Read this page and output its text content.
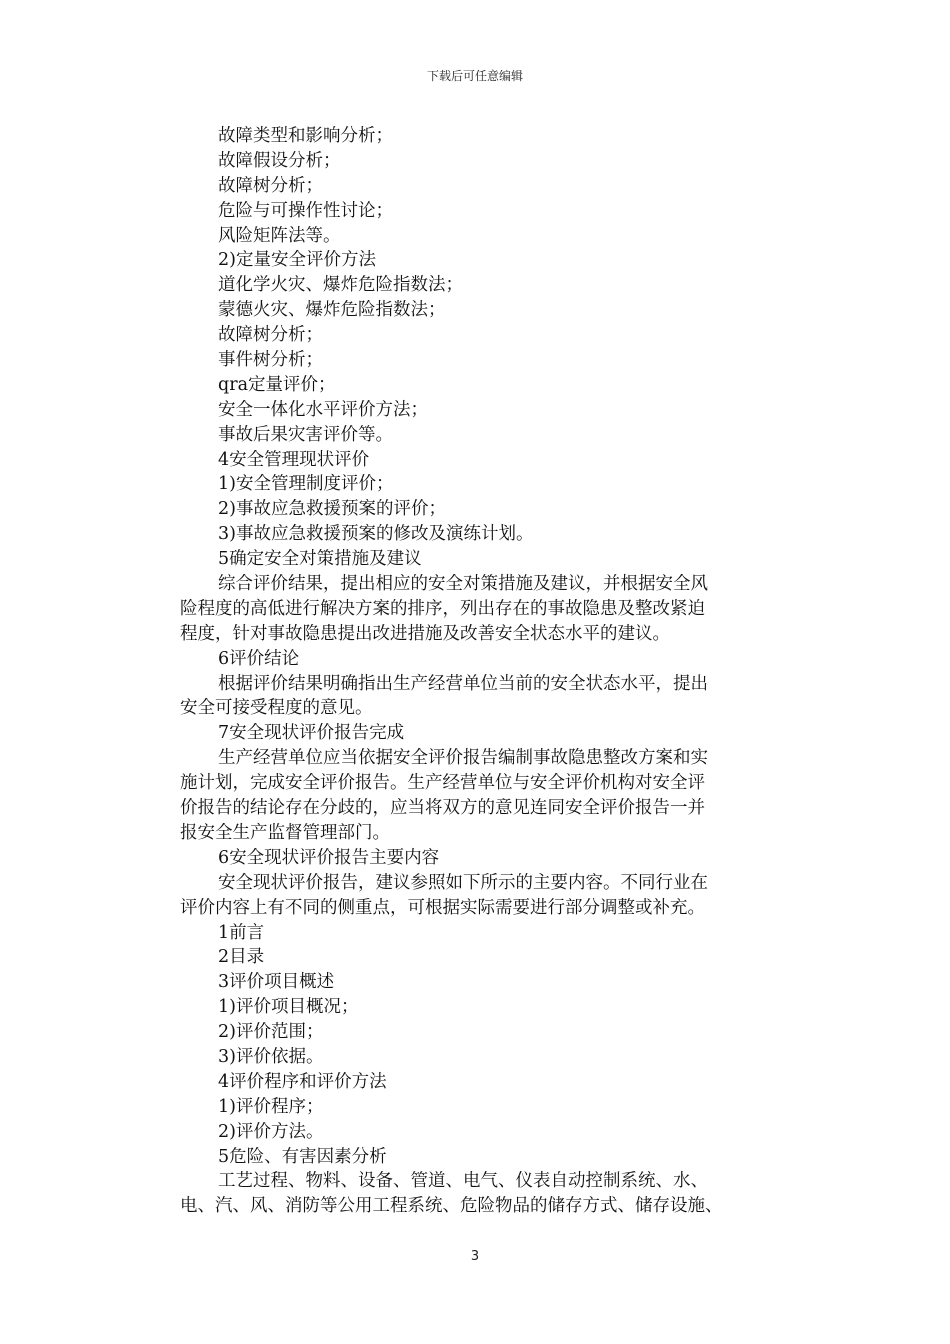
下载后可任意编辑
故障类型和影响分析；
故障假设分析；
故障树分析；
危险与可操作性讨论；
风险矩阵法等。
2)定量安全评价方法
道化学火灾、爆炸危险指数法；
蒙德火灾、爆炸危险指数法；
故障树分析；
事件树分析；
qra定量评价；
安全一体化水平评价方法；
事故后果灾害评价等。
4安全管理现状评价
1)安全管理制度评价；
2)事故应急救援预案的评价；
3)事故应急救援预案的修改及演练计划。
5确定安全对策措施及建议
综合评价结果，提出相应的安全对策措施及建议，并根据安全风
险程度的高低进行解决方案的排序，列出存在的事故隐患及整改紧迫
程度，针对事故隐患提出改进措施及改善安全状态水平的建议。
6评价结论
根据评价结果明确指出生产经营单位当前的安全状态水平，提出
安全可接受程度的意见。
7安全现状评价报告完成
生产经营单位应当依据安全评价报告编制事故隐患整改方案和实
施计划，完成安全评价报告。生产经营单位与安全评价机构对安全评
价报告的结论存在分歧的，应当将双方的意见连同安全评价报告一并
报安全生产监督管理部门。
6安全现状评价报告主要内容
安全现状评价报告，建议参照如下所示的主要内容。不同行业在
评价内容上有不同的侧重点，可根据实际需要进行部分调整或补充。
1前言
2目录
3评价项目概述
1)评价项目概况；
2)评价范围；
3)评价依据。
4评价程序和评价方法
1)评价程序；
2)评价方法。
5危险、有害因素分析
工艺过程、物料、设备、管道、电气、仪表自动控制系统、水、
电、汽、风、消防等公用工程系统、危险物品的储存方式、储存设施、
3
